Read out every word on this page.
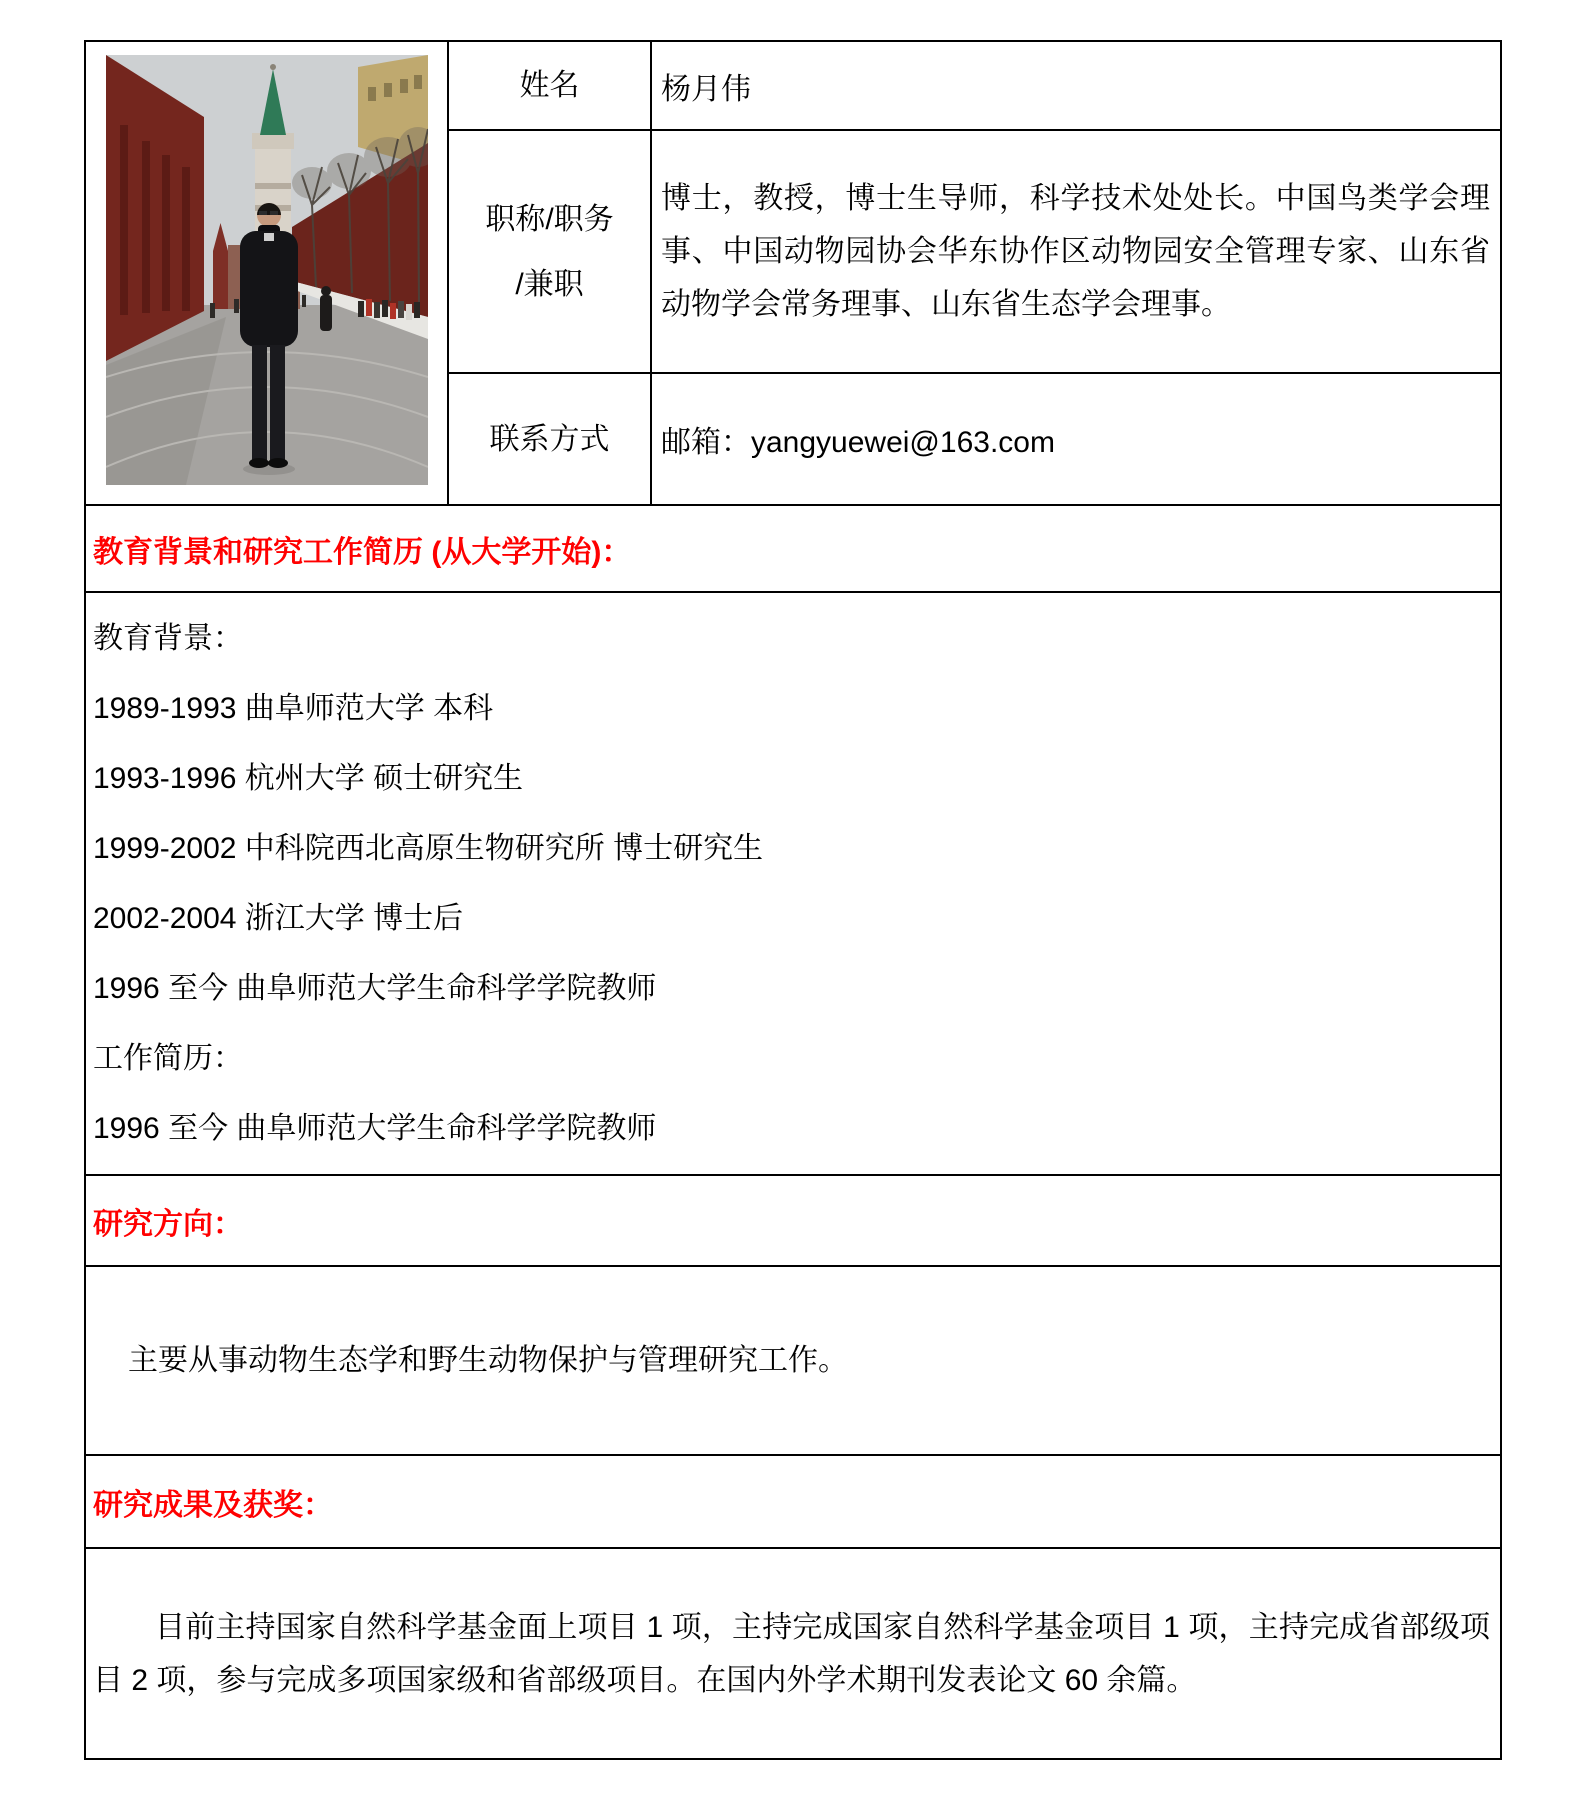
姓名	杨月伟
职称/职务
/兼职

博士，教授，博士生导师，科学技术处处长。中国鸟类学会理事、中国动物园协会华东协作区动物园安全管理专家、山东省动物学会常务理事、山东省生态学会理事。

联系方式 邮箱：yangyuewei@163.com
教育背景和研究工作简历 (从大学开始)：
教育背景：
1989-1993 曲阜师范大学 本科
1993-1996 杭州大学 硕士研究生
1999-2002 中科院西北高原生物研究所 博士研究生
2002-2004 浙江大学 博士后
1996 至今 曲阜师范大学生命科学学院教师
工作简历：
1996 至今 曲阜师范大学生命科学学院教师
研究方向：

主要从事动物生态学和野生动物保护与管理研究工作。

研究成果及获奖：

目前主持国家自然科学基金面上项目 1 项，主持完成国家自然科学基金项目 1 项，主持完成省部级项目 2 项，参与完成多项国家级和省部级项目。在国内外学术期刊发表论文 60 余篇。
